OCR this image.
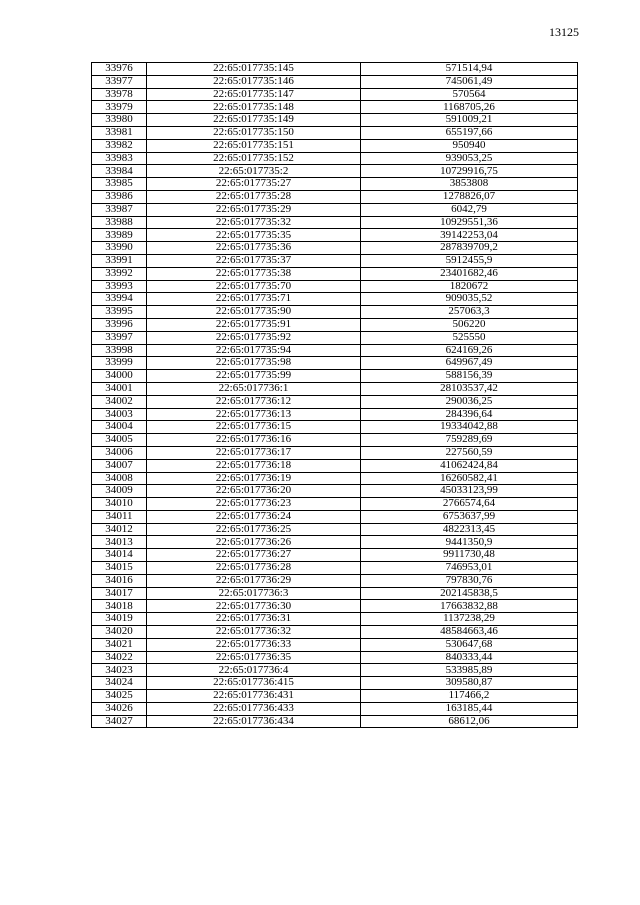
13125
33976	22:65:017735:145	571514,94
33977	22:65:017735:146	745061,49
33978	22:65:017735:147	570564
33979	22:65:017735:148	1168705,26
33980	22:65:017735:149	591009,21
33981	22:65:017735:150	655197,66
33982	22:65:017735:151	950940
33983	22:65:017735:152	939053,25
33984	22:65:017735:2	10729916,75
33985	22:65:017735:27	3853808
33986	22:65:017735:28	1278826,07
33987	22:65:017735:29	6042,79
33988	22:65:017735:32	10929551,36
33989	22:65:017735:35	39142253,04
33990	22:65:017735:36	287839709,2
33991	22:65:017735:37	5912455,9
33992	22:65:017735:38	23401682,46
33993	22:65:017735:70	1820672
33994	22:65:017735:71	909035,52
33995	22:65:017735:90	257063,3
33996	22:65:017735:91	506220
33997	22:65:017735:92	525550
33998	22:65:017735:94	624169,26
33999	22:65:017735:98	649967,49
34000	22:65:017735:99	588156,39
34001	22:65:017736:1	28103537,42
34002	22:65:017736:12	290036,25
34003	22:65:017736:13	284396,64
34004	22:65:017736:15	19334042,88
34005	22:65:017736:16	759289,69
34006	22:65:017736:17	227560,59
34007	22:65:017736:18	41062424,84
34008	22:65:017736:19	16260582,41
34009	22:65:017736:20	45033123,99
34010	22:65:017736:23	2766574,64
34011	22:65:017736:24	6753637,99
34012	22:65:017736:25	4822313,45
34013	22:65:017736:26	9441350,9
34014	22:65:017736:27	9911730,48
34015	22:65:017736:28	746953,01
34016	22:65:017736:29	797830,76
34017	22:65:017736:3	202145838,5
34018	22:65:017736:30	17663832,88
34019	22:65:017736:31	1137238,29
34020	22:65:017736:32	48584663,46
34021	22:65:017736:33	530647,68
34022	22:65:017736:35	840333,44
34023	22:65:017736:4	533985,89
34024	22:65:017736:415	309580,87
34025	22:65:017736:431	117466,2
34026	22:65:017736:433	163185,44
34027	22:65:017736:434	68612,06
